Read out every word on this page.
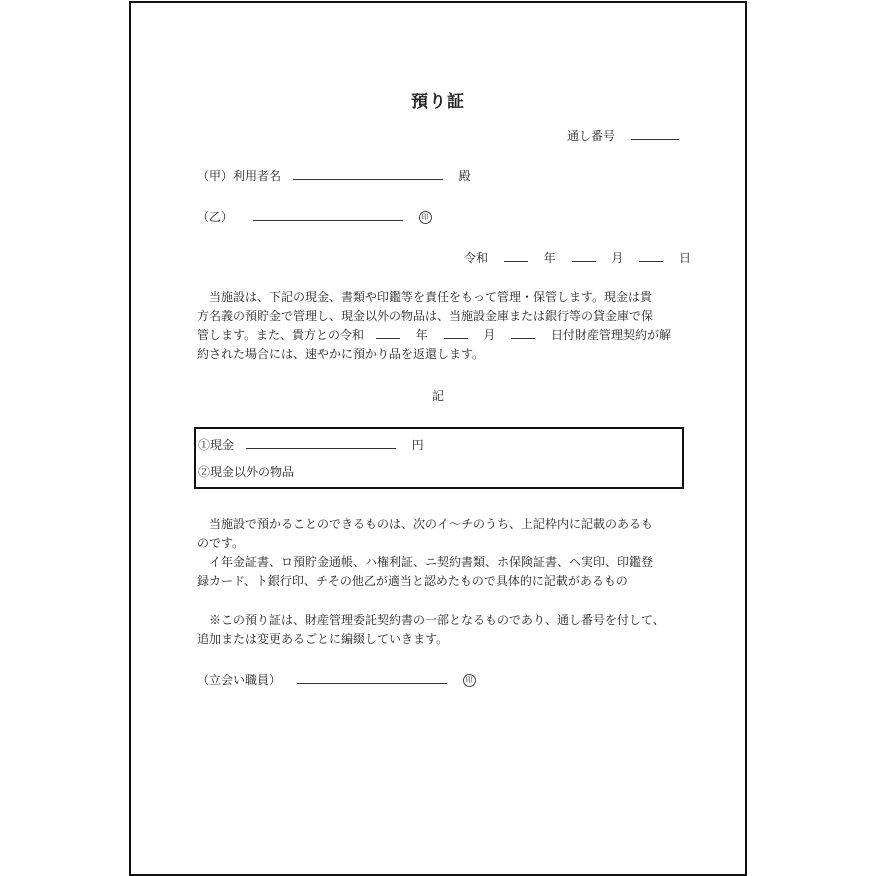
預り証
通し番号
（甲）利用者名	殿
（乙）	印
令和	年	月	日

当施設は、下記の現金、書類や印鑑等を責任をもって管理・保管します。現金は貴

方名義の預貯金で管理し、現金以外の物品は、当施設金庫または銀行等の貸金庫で保

管します。また、貴方との令和	年	月	日付財産管理契約が解

約された場合には、速やかに預かり品を返還します。

記
①現金	円
②現金以外の物品

当施設で預かることのできるものは、次のイ～チのうち、上記枠内に記載のあるも

のです。

イ年金証書、ロ預貯金通帳、ハ権利証、ニ契約書類、ホ保険証書、ヘ実印、印鑑登

録カード、ト銀行印、チその他乙が適当と認めたもので具体的に記載があるもの

※この預り証は、財産管理委託契約書の一部となるものであり、通し番号を付して、

追加または変更あるごとに編綴していきます。

（立会い職員）	印
